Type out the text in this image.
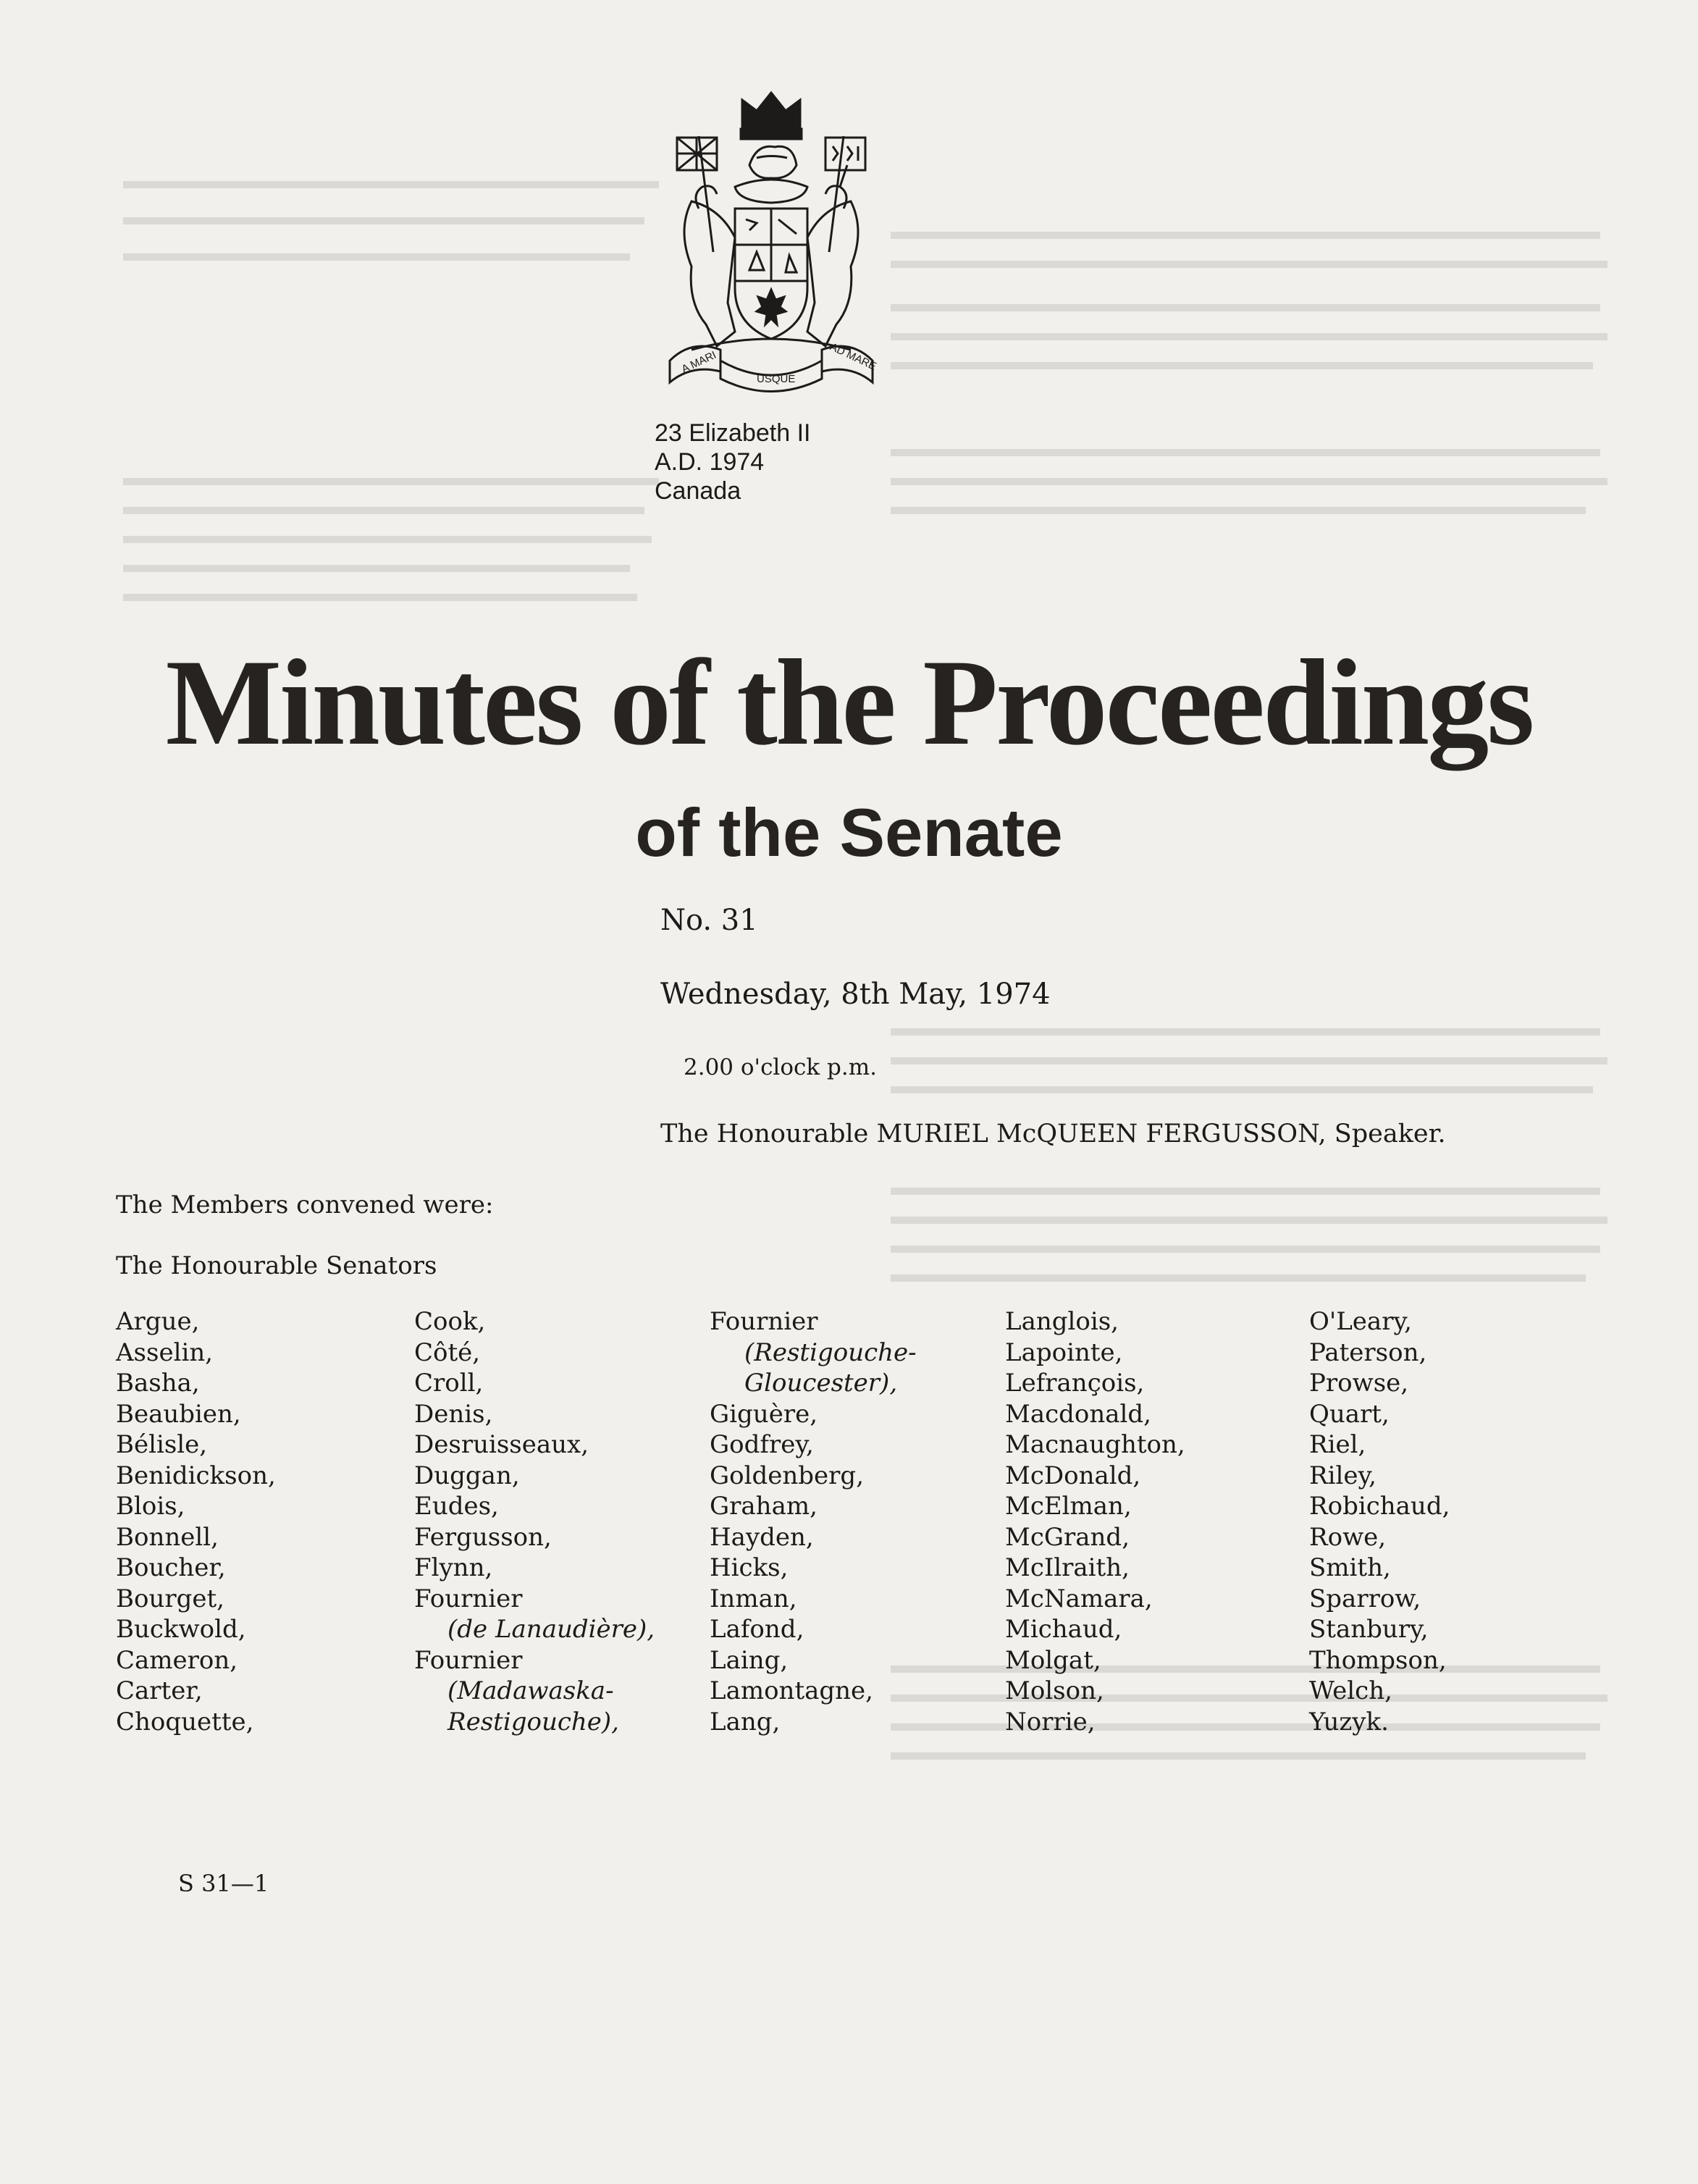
A MARI
USQUE
AD MARE
23 Elizabeth II
A.D. 1974
Canada
Minutes of the Proceedings
of the Senate
No. 31
Wednesday, 8th May, 1974
2.00 o'clock p.m.
The Honourable MURIEL McQUEEN FERGUSSON, Speaker.
The Members convened were:
The Honourable Senators
Argue,
Asselin,
Basha,
Beaubien,
Bélisle,
Benidickson,
Blois,
Bonnell,
Boucher,
Bourget,
Buckwold,
Cameron,
Carter,
Choquette,
Cook,
Côté,
Croll,
Denis,
Desruisseaux,
Duggan,
Eudes,
Fergusson,
Flynn,
Fournier
(de Lanaudière),
Fournier
(Madawaska-
Restigouche),
Fournier
(Restigouche-
Gloucester),
Giguère,
Godfrey,
Goldenberg,
Graham,
Hayden,
Hicks,
Inman,
Lafond,
Laing,
Lamontagne,
Lang,
Langlois,
Lapointe,
Lefrançois,
Macdonald,
Macnaughton,
McDonald,
McElman,
McGrand,
McIlraith,
McNamara,
Michaud,
Molgat,
Molson,
Norrie,
O'Leary,
Paterson,
Prowse,
Quart,
Riel,
Riley,
Robichaud,
Rowe,
Smith,
Sparrow,
Stanbury,
Thompson,
Welch,
Yuzyk.
S 31—1
